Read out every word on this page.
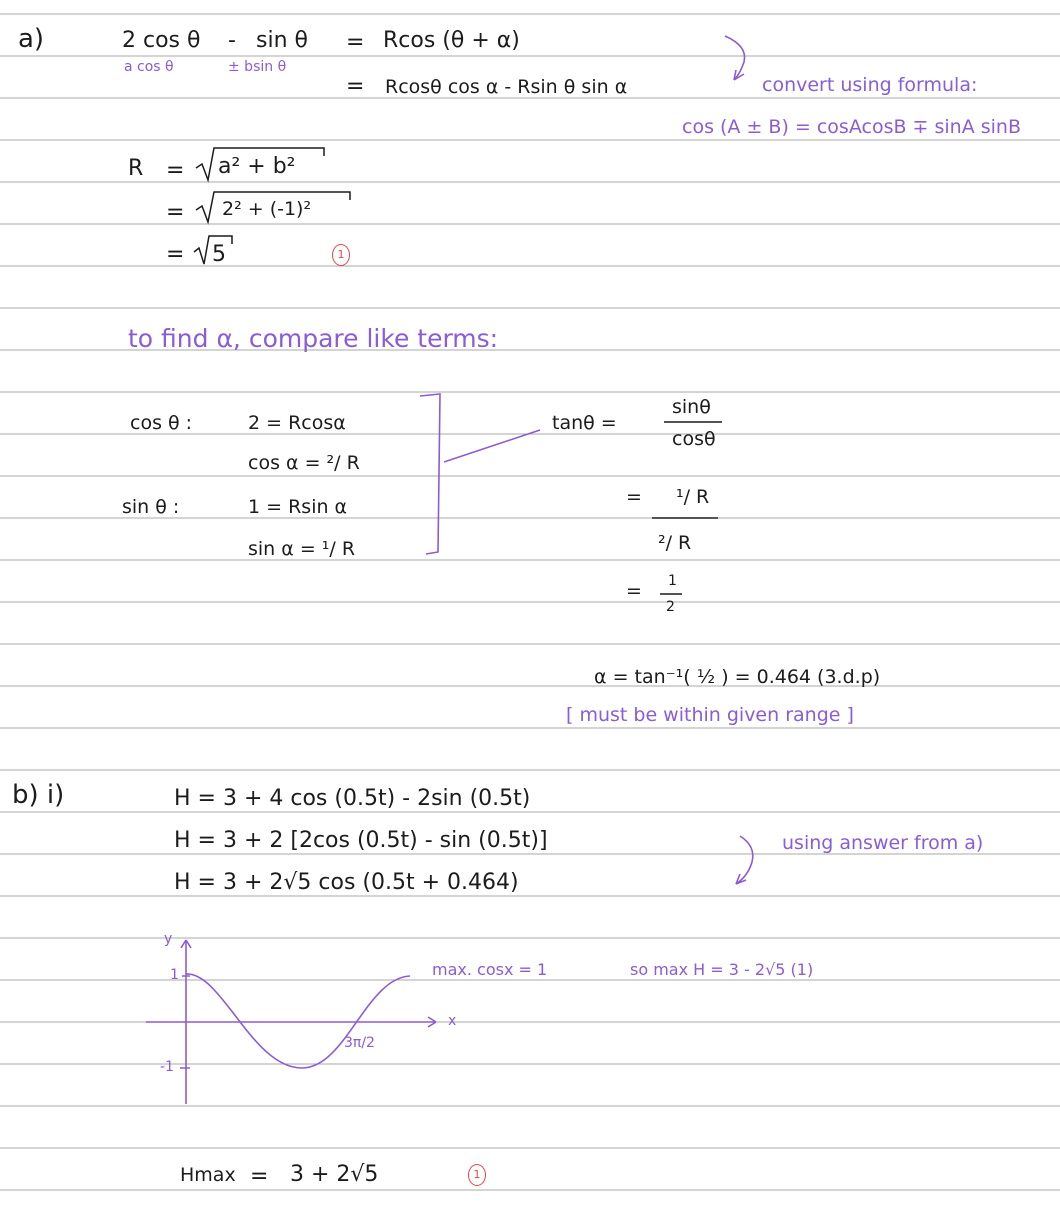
a)	2 cos θ - sin θ = Rcos (θ + α)
a cos θ	± bsin θ
= Rcosθ cos α - Rsin θ sin α	convert using formula:
cos (A ± B) = cosAcosB ∓ sinA sinB
R = a² + b²
= 2² + (-1)²
= 5	1
to find α, compare like terms:
cos θ :	2 = Rcosα
cos α = ²/ R
sin θ :	1 = Rsin α
sin α = ¹/ R
tanθ =
sinθ
cosθ
= ¹/ R
²/ R
= 1
2
α = tan⁻¹( ½ ) = 0.464 (3.d.p)
[ must be within given range ]
b) i)	H = 3 + 4 cos (0.5t) - 2sin (0.5t)
H = 3 + 2 [2cos (0.5t) - sin (0.5t)]
H = 3 + 2√5 cos (0.5t + 0.464)
using answer from a)
y
x
1
-1
3π/2
max. cosx = 1	so max H = 3 - 2√5 (1)
Hmax = 3 + 2√5	1
